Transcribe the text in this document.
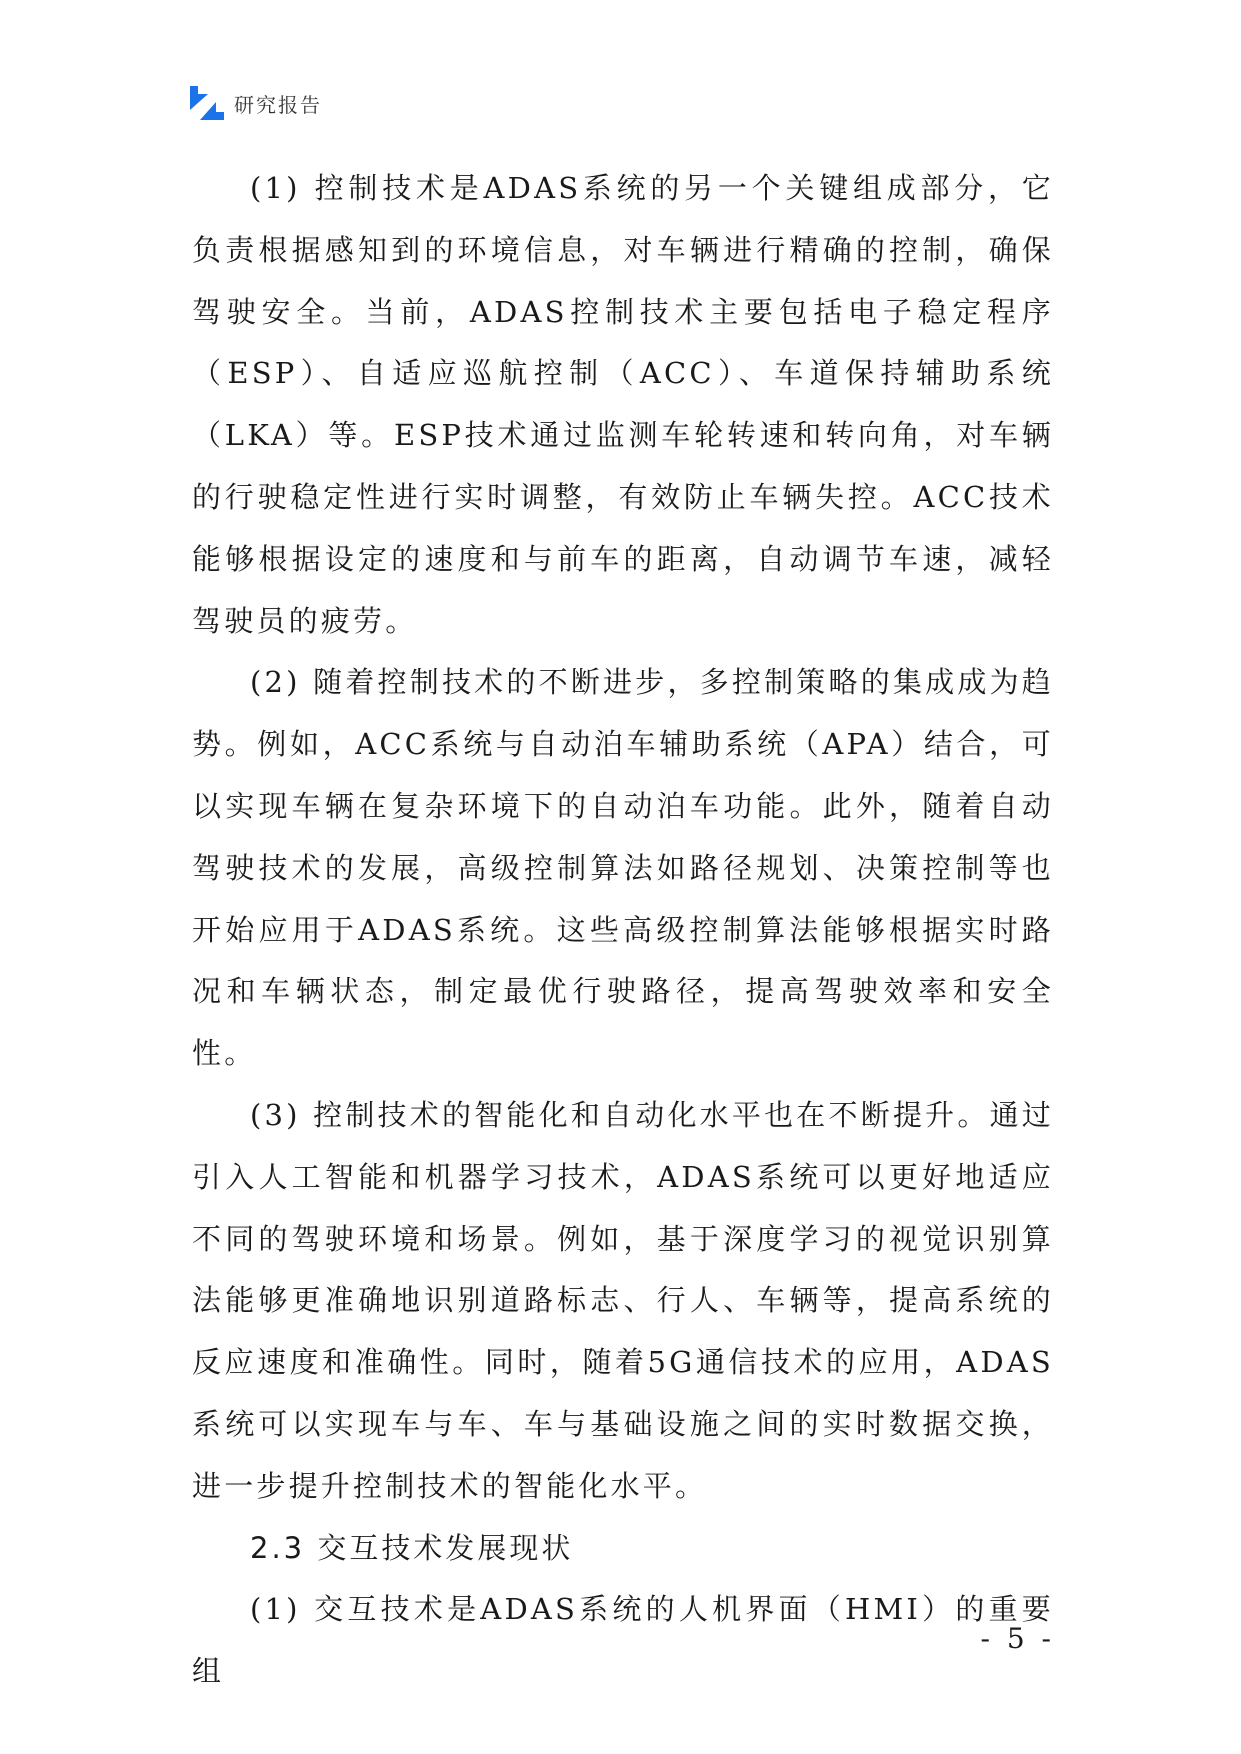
研究报告

(1) 控制技术是ADAS系统的另一个关键组成部分，它负责根据感知到的环境信息，对车辆进行精确的控制，确保驾驶安全。当前，ADAS控制技术主要包括电子稳定程序（ESP）、自适应巡航控制（ACC）、车道保持辅助系统（LKA）等。ESP技术通过监测车轮转速和转向角，对车辆的行驶稳定性进行实时调整，有效防止车辆失控。ACC技术能够根据设定的速度和与前车的距离，自动调节车速，减轻驾驶员的疲劳。

(2) 随着控制技术的不断进步，多控制策略的集成成为趋势。例如，ACC系统与自动泊车辅助系统（APA）结合，可以实现车辆在复杂环境下的自动泊车功能。此外，随着自动驾驶技术的发展，高级控制算法如路径规划、决策控制等也开始应用于ADAS系统。这些高级控制算法能够根据实时路况和车辆状态，制定最优行驶路径，提高驾驶效率和安全性。

(3) 控制技术的智能化和自动化水平也在不断提升。通过引入人工智能和机器学习技术，ADAS系统可以更好地适应不同的驾驶环境和场景。例如，基于深度学习的视觉识别算法能够更准确地识别道路标志、行人、车辆等，提高系统的反应速度和准确性。同时，随着5G通信技术的应用，ADAS系统可以实现车与车、车与基础设施之间的实时数据交换，进一步提升控制技术的智能化水平。

2.3 交互技术发展现状

(1) 交互技术是ADAS系统的人机界面（HMI）的重要组

- 5 -
